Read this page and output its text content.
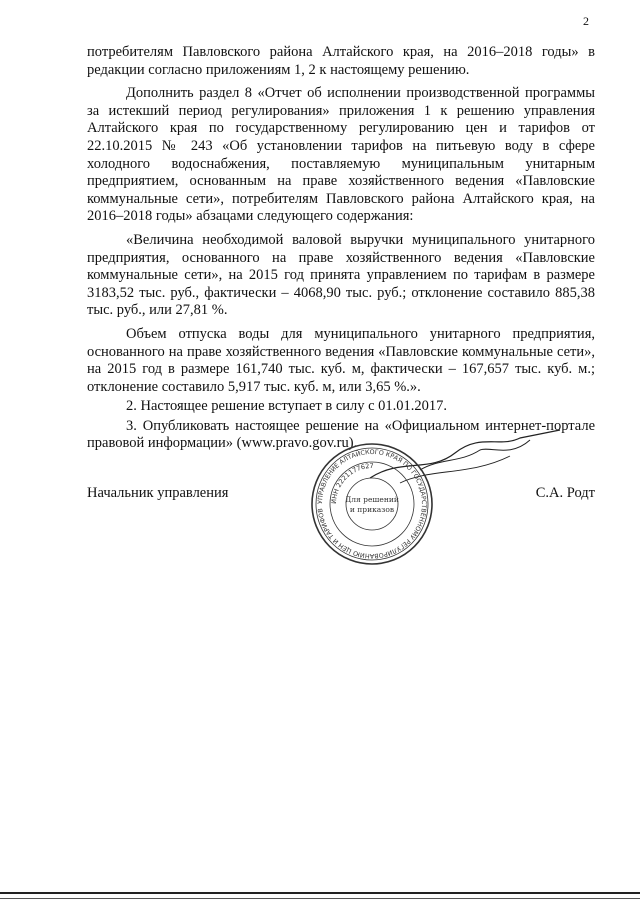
2

потребителям Павловского района Алтайского края, на 2016–2018 годы» в редакции согласно приложениям 1, 2 к настоящему решению.

Дополнить раздел 8 «Отчет об исполнении производственной программы за истекший период регулирования» приложения 1 к решению управления Алтайского края по государственному регулированию цен и тарифов от 22.10.2015 № 243 «Об установлении тарифов на питьевую воду в сфере холодного водоснабжения, поставляемую муниципальным унитарным предприятием, основанным на праве хозяйственного ведения «Павловские коммунальные сети», потребителям Павловского района Алтайского края, на 2016–2018 годы» абзацами следующего содержания:

«Величина необходимой валовой выручки муниципального унитарного предприятия, основанного на праве хозяйственного ведения «Павловские коммунальные сети», на 2015 год принята управлением по тарифам в размере 3183,52 тыс. руб., фактически – 4068,90 тыс. руб.; отклонение составило 885,38 тыс. руб., или 27,81 %.

Объем отпуска воды для муниципального унитарного предприятия, основанного на праве хозяйственного ведения «Павловские коммунальные сети», на 2015 год в размере 161,740 тыс. куб. м, фактически – 167,657 тыс. куб. м.; отклонение составило 5,917 тыс. куб. м, или 3,65 %.».

2. Настоящее решение вступает в силу с 01.01.2017.

3. Опубликовать настоящее решение на «Официальном интернет-портале правовой информации» (www.pravo.gov.ru).

Начальник управления	С.А. Родт
УПРАВЛЕНИЕ АЛТАЙСКОГО КРАЯ ПО ГОСУДАРСТВЕННОМУ РЕГУЛИРОВАНИЮ ЦЕН И ТАРИФОВ
ИНН 2221177627
Для решений
и приказов
